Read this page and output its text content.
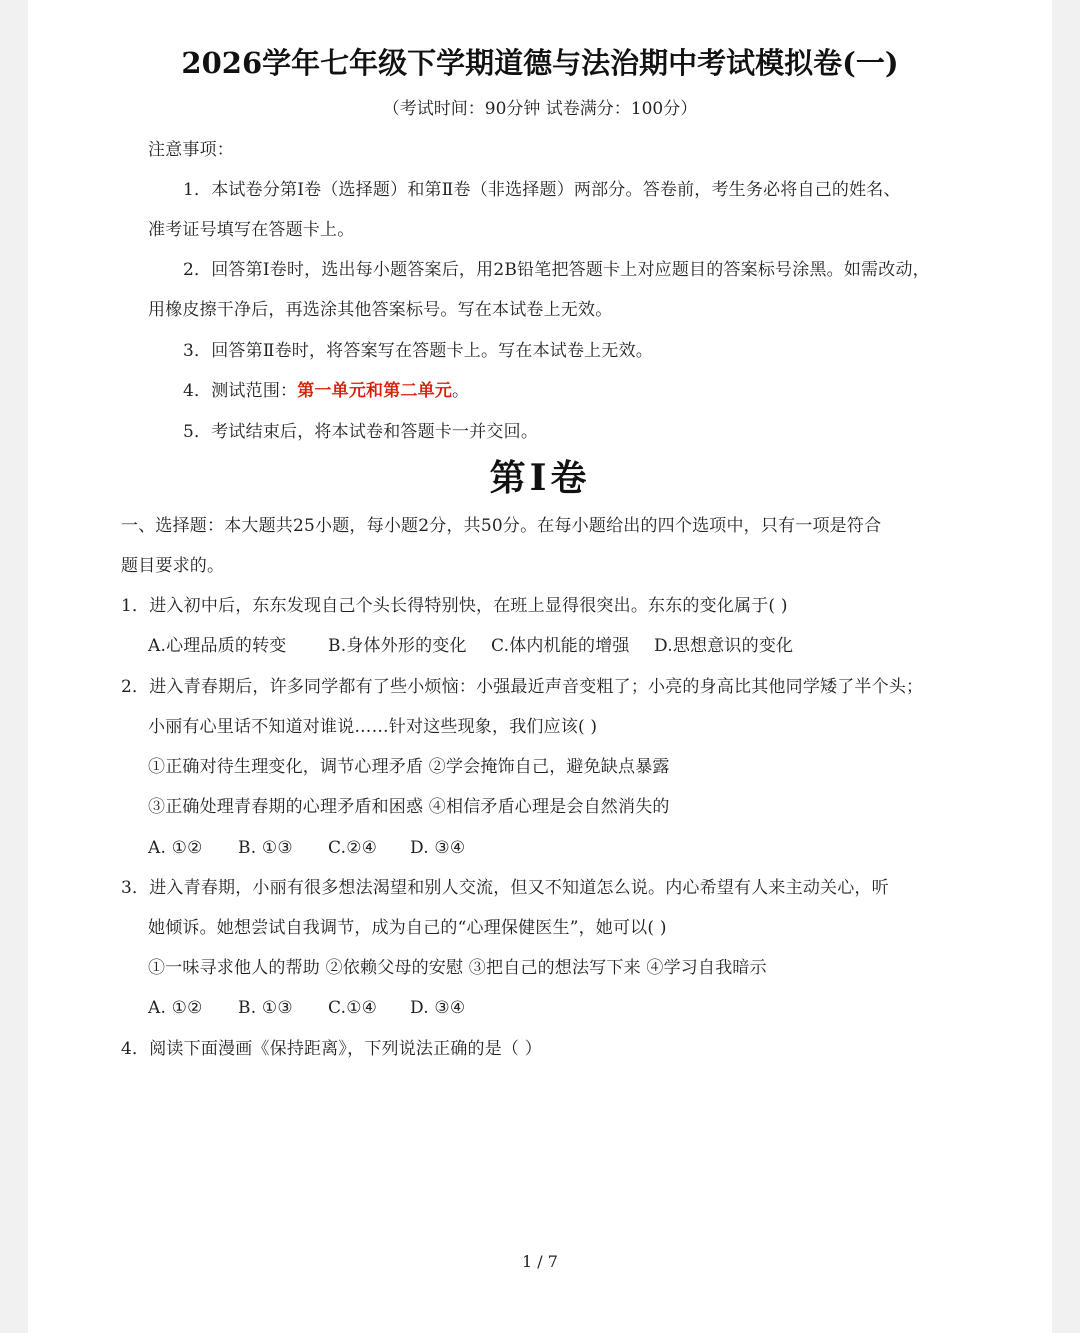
2026学年七年级下学期道德与法治期中考试模拟卷(一)
（考试时间：90分钟 试卷满分：100分）
注意事项：
1．本试卷分第Ⅰ卷（选择题）和第Ⅱ卷（非选择题）两部分。答卷前，考生务必将自己的姓名、
准考证号填写在答题卡上。
2．回答第Ⅰ卷时，选出每小题答案后，用2B铅笔把答题卡上对应题目的答案标号涂黑。如需改动，
用橡皮擦干净后，再选涂其他答案标号。写在本试卷上无效。
3．回答第Ⅱ卷时，将答案写在答题卡上。写在本试卷上无效。
4．测试范围：第一单元和第二单元。
5．考试结束后，将本试卷和答题卡一并交回。
第Ⅰ卷
一、选择题：本大题共25小题，每小题2分，共50分。在每小题给出的四个选项中，只有一项是符合
题目要求的。
1．进入初中后，东东发现自己个头长得特别快，在班上显得很突出。东东的变化属于( )
A.心理品质的转变 B.身体外形的变化 C.体内机能的增强 D.思想意识的变化
2．进入青春期后，许多同学都有了些小烦恼：小强最近声音变粗了；小亮的身高比其他同学矮了半个头；
小丽有心里话不知道对谁说……针对这些现象，我们应该( )
①正确对待生理变化，调节心理矛盾 ②学会掩饰自己，避免缺点暴露
③正确处理青春期的心理矛盾和困惑 ④相信矛盾心理是会自然消失的
A. ①② B. ①③ C.②④ D. ③④
3．进入青春期，小丽有很多想法渴望和别人交流，但又不知道怎么说。内心希望有人来主动关心，听
她倾诉。她想尝试自我调节，成为自己的“心理保健医生”，她可以( )
①一味寻求他人的帮助 ②依赖父母的安慰 ③把自己的想法写下来 ④学习自我暗示
A. ①② B. ①③ C.①④ D. ③④
4．阅读下面漫画《保持距离》，下列说法正确的是（ ）
1 / 7
